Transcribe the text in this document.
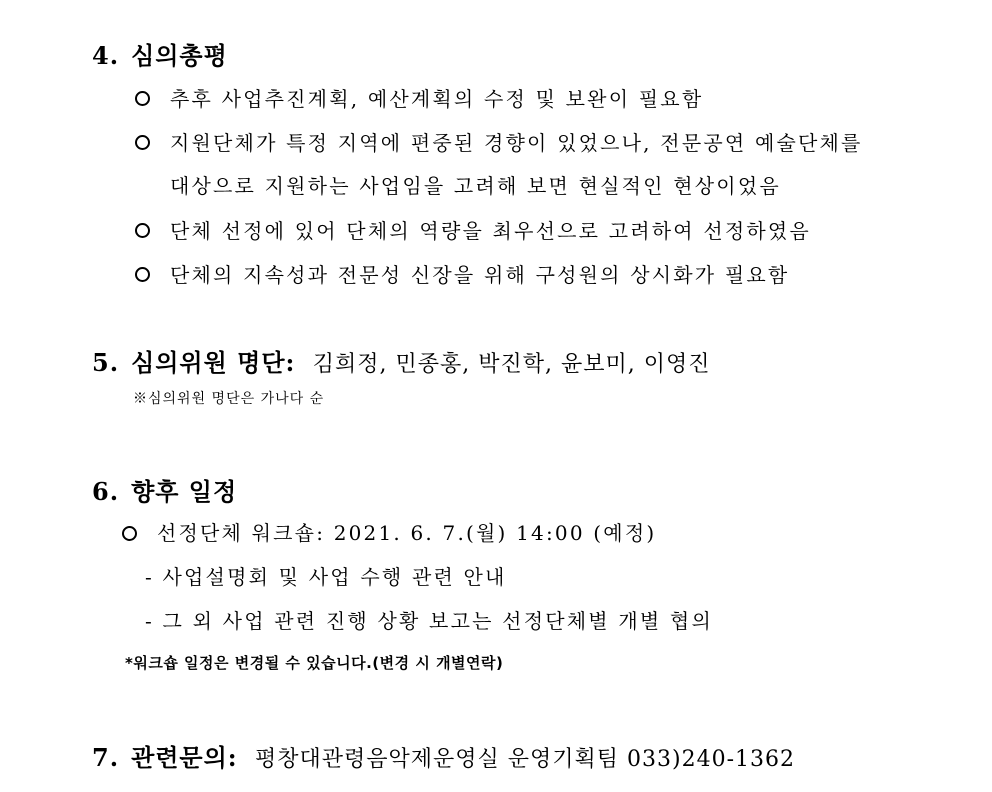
4. 심의총평
추후 사업추진계획, 예산계획의 수정 및 보완이 필요함
지원단체가 특정 지역에 편중된 경향이 있었으나, 전문공연 예술단체를
대상으로 지원하는 사업임을 고려해 보면 현실적인 현상이었음
단체 선정에 있어 단체의 역량을 최우선으로 고려하여 선정하였음
단체의 지속성과 전문성 신장을 위해 구성원의 상시화가 필요함
5. 심의위원 명단: 김희정, 민종홍, 박진학, 윤보미, 이영진
※심의위원 명단은 가나다 순
6. 향후 일정
선정단체 워크숍: 2021. 6. 7.(월) 14:00 (예정)
- 사업설명회 및 사업 수행 관련 안내
- 그 외 사업 관련 진행 상황 보고는 선정단체별 개별 협의
*워크숍 일정은 변경될 수 있습니다.(변경 시 개별연락)
7. 관련문의: 평창대관령음악제운영실 운영기획팀 033)240-1362
